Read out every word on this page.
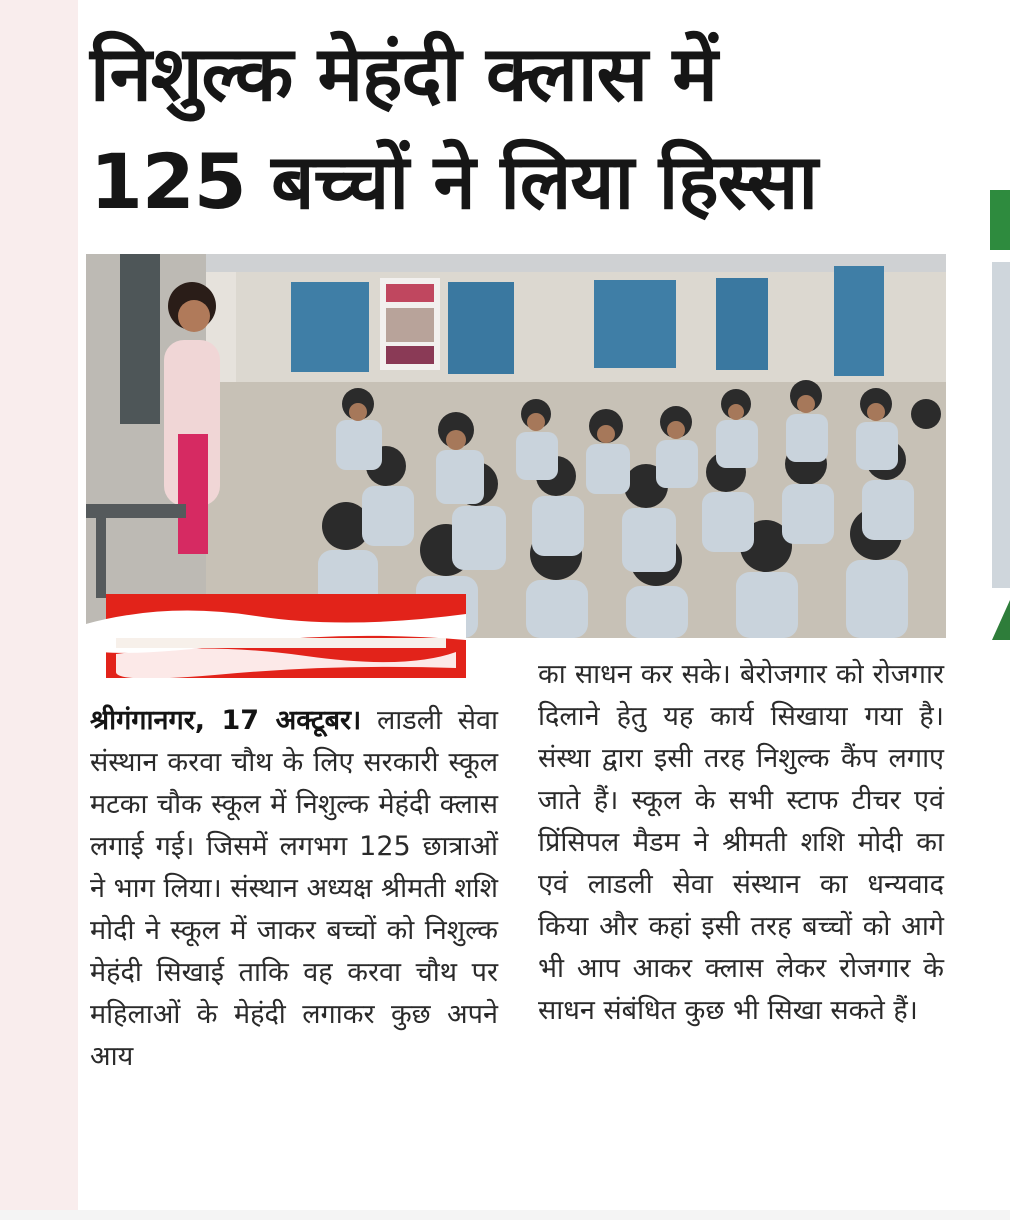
निशुल्क मेहंदी क्लास में
125 बच्चों ने लिया हिस्सा

श्रीगंगानगर, 17 अक्टूबर। लाडली सेवा संस्थान करवा चौथ के लिए सरकारी स्कूल मटका चौक स्कूल में निशुल्क मेहंदी क्लास लगाई गई। जिसमें लगभग 125 छात्राओं ने भाग लिया। संस्थान अध्यक्ष श्रीमती शशि मोदी ने स्कूल में जाकर बच्चों को निशुल्क मेहंदी सिखाई ताकि वह करवा चौथ पर महिलाओं के मेहंदी लगाकर कुछ अपने आय

का साधन कर सके। बेरोजगार को रोजगार दिलाने हेतु यह कार्य सिखाया गया है। संस्था द्वारा इसी तरह निशुल्क कैंप लगाए जाते हैं। स्कूल के सभी स्टाफ टीचर एवं प्रिंसिपल मैडम ने श्रीमती शशि मोदी का एवं लाडली सेवा संस्थान का धन्यवाद किया और कहां इसी तरह बच्चों को आगे भी आप आकर क्लास लेकर रोजगार के साधन संबंधित कुछ भी सिखा सकते हैं।
